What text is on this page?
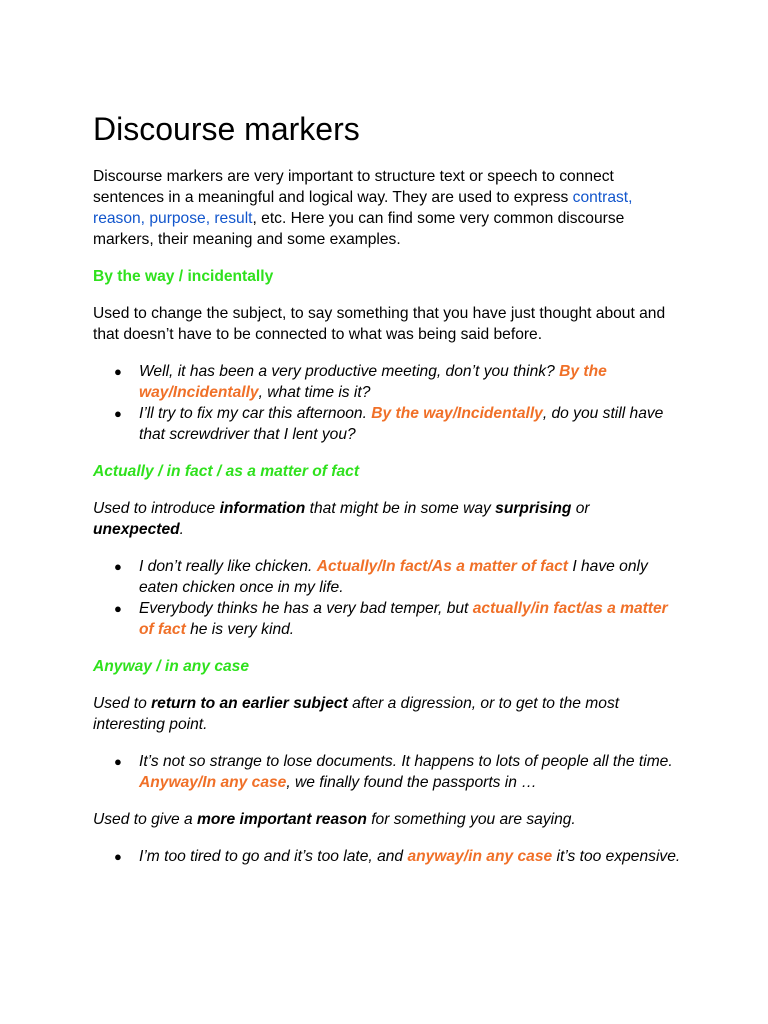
Discourse markers

Discourse markers are very important to structure text or speech to connect sentences in a meaningful and logical way. They are used to express contrast, reason, purpose, result, etc. Here you can find some very common discourse markers, their meaning and some examples.

By the way / incidentally

Used to change the subject, to say something that you have just thought about and that doesn’t have to be connected to what was being said before.

● Well, it has been a very productive meeting, don’t you think? By the way/Incidentally, what time is it?
● I’ll try to fix my car this afternoon. By the way/Incidentally, do you still have that screwdriver that I lent you?

Actually / in fact / as a matter of fact

Used to introduce information that might be in some way surprising or unexpected.

● I don’t really like chicken. Actually/In fact/As a matter of fact I have only eaten chicken once in my life.
● Everybody thinks he has a very bad temper, but actually/in fact/as a matter of fact he is very kind.

Anyway / in any case

Used to return to an earlier subject after a digression, or to get to the most interesting point.

● It’s not so strange to lose documents. It happens to lots of people all the time. Anyway/In any case, we finally found the passports in …

Used to give a more important reason for something you are saying.

● I’m too tired to go and it’s too late, and anyway/in any case it’s too expensive.
